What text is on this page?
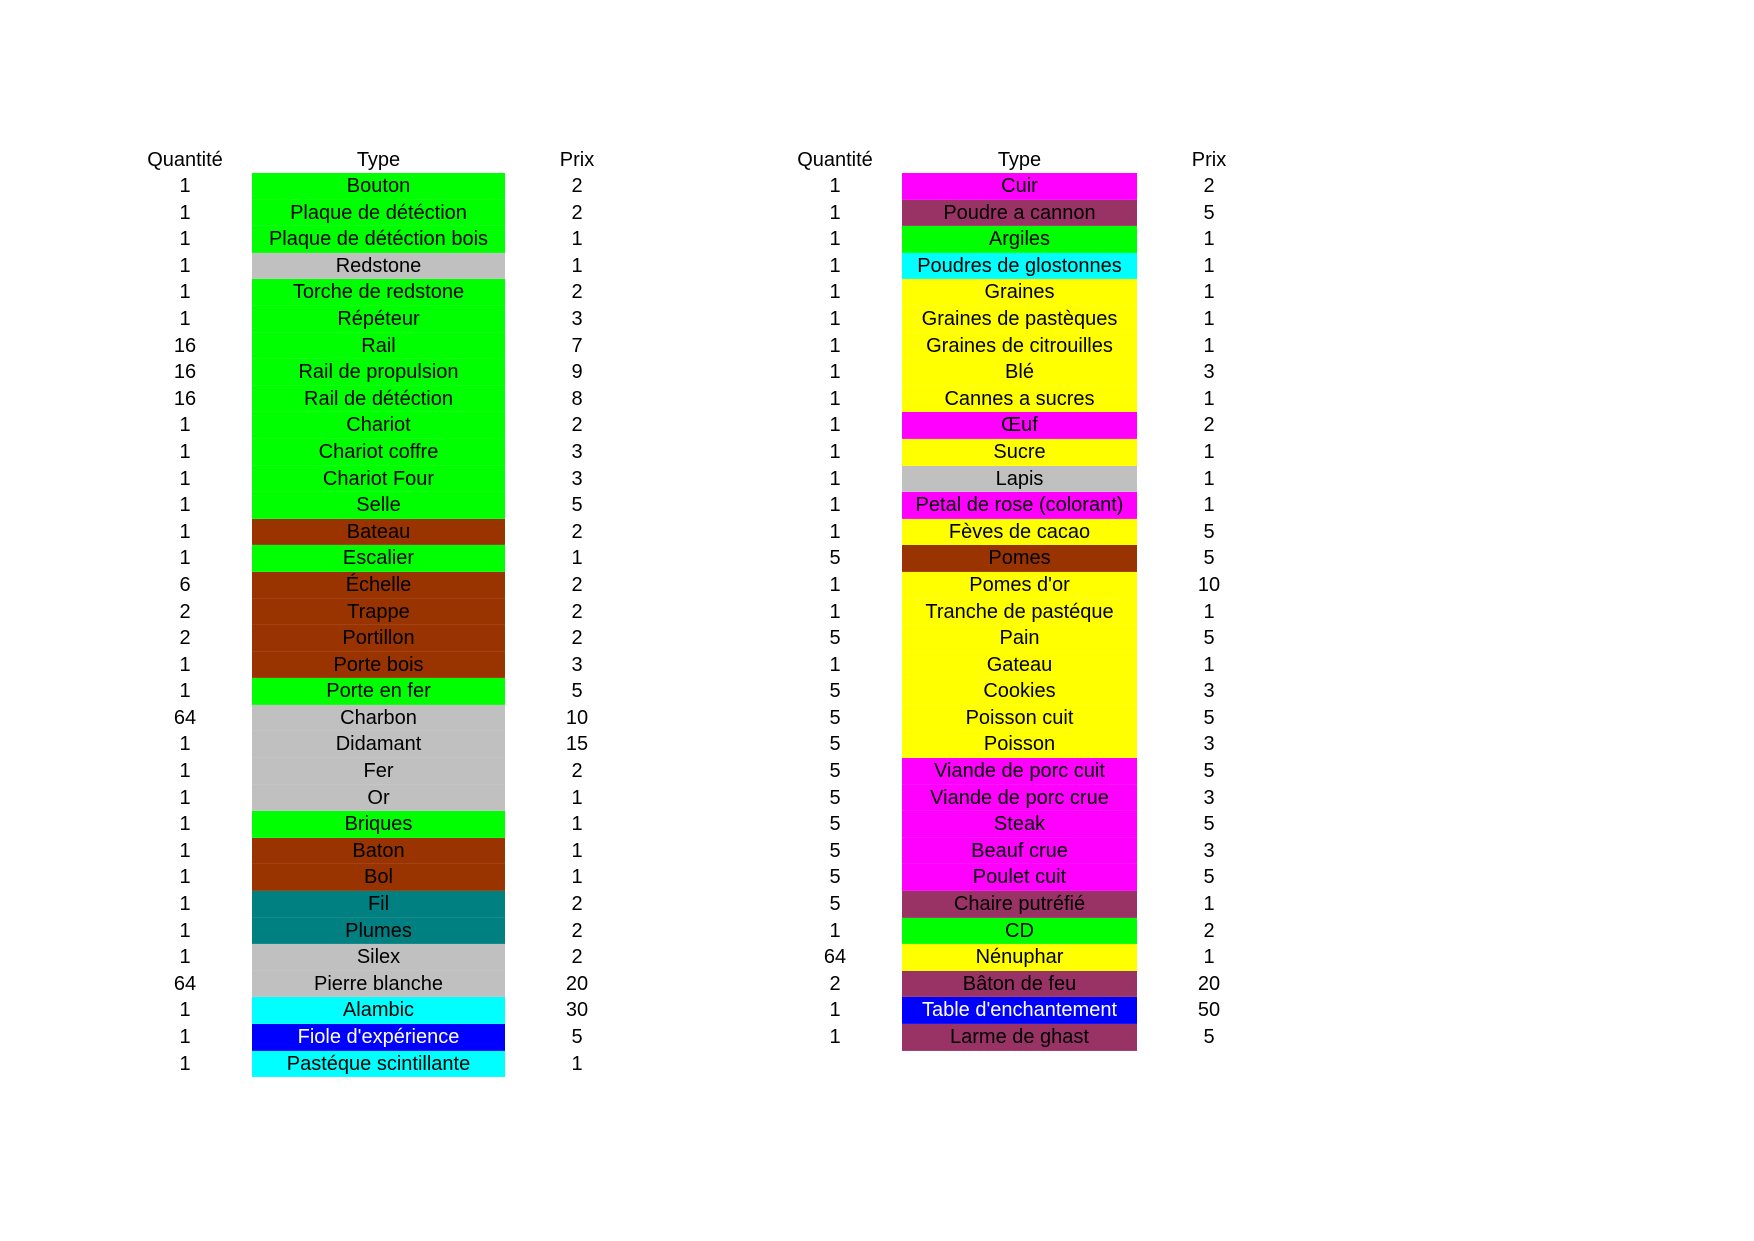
Quantité	Type	Prix
1	Bouton	2
1	Plaque de détéction	2
1	Plaque de détéction bois	1
1	Redstone	1
1	Torche de redstone	2
1	Répéteur	3
16	Rail	7
16	Rail de propulsion	9
16	Rail de détéction	8
1	Chariot	2
1	Chariot coffre	3
1	Chariot Four	3
1	Selle	5
1	Bateau	2
1	Escalier	1
6	Échelle	2
2	Trappe	2
2	Portillon	2
1	Porte bois	3
1	Porte en fer	5
64	Charbon	10
1	Didamant	15
1	Fer	2
1	Or	1
1	Briques	1
1	Baton	1
1	Bol	1
1	Fil	2
1	Plumes	2
1	Silex	2
64	Pierre blanche	20
1	Alambic	30
1	Fiole d'expérience	5
1	Pastéque scintillante	1
Quantité	Type	Prix
1	Cuir	2
1	Poudre a cannon	5
1	Argiles	1
1	Poudres de glostonnes	1
1	Graines	1
1	Graines de pastèques	1
1	Graines de citrouilles	1
1	Blé	3
1	Cannes a sucres	1
1	Œuf	2
1	Sucre	1
1	Lapis	1
1	Petal de rose (colorant)	1
1	Fèves de cacao	5
5	Pomes	5
1	Pomes d'or	10
1	Tranche de pastéque	1
5	Pain	5
1	Gateau	1
5	Cookies	3
5	Poisson cuit	5
5	Poisson	3
5	Viande de porc cuit	5
5	Viande de porc crue	3
5	Steak	5
5	Beauf crue	3
5	Poulet cuit	5
5	Chaire putréfié	1
1	CD	2
64	Nénuphar	1
2	Bâton de feu	20
1	Table d'enchantement	50
1	Larme de ghast	5
